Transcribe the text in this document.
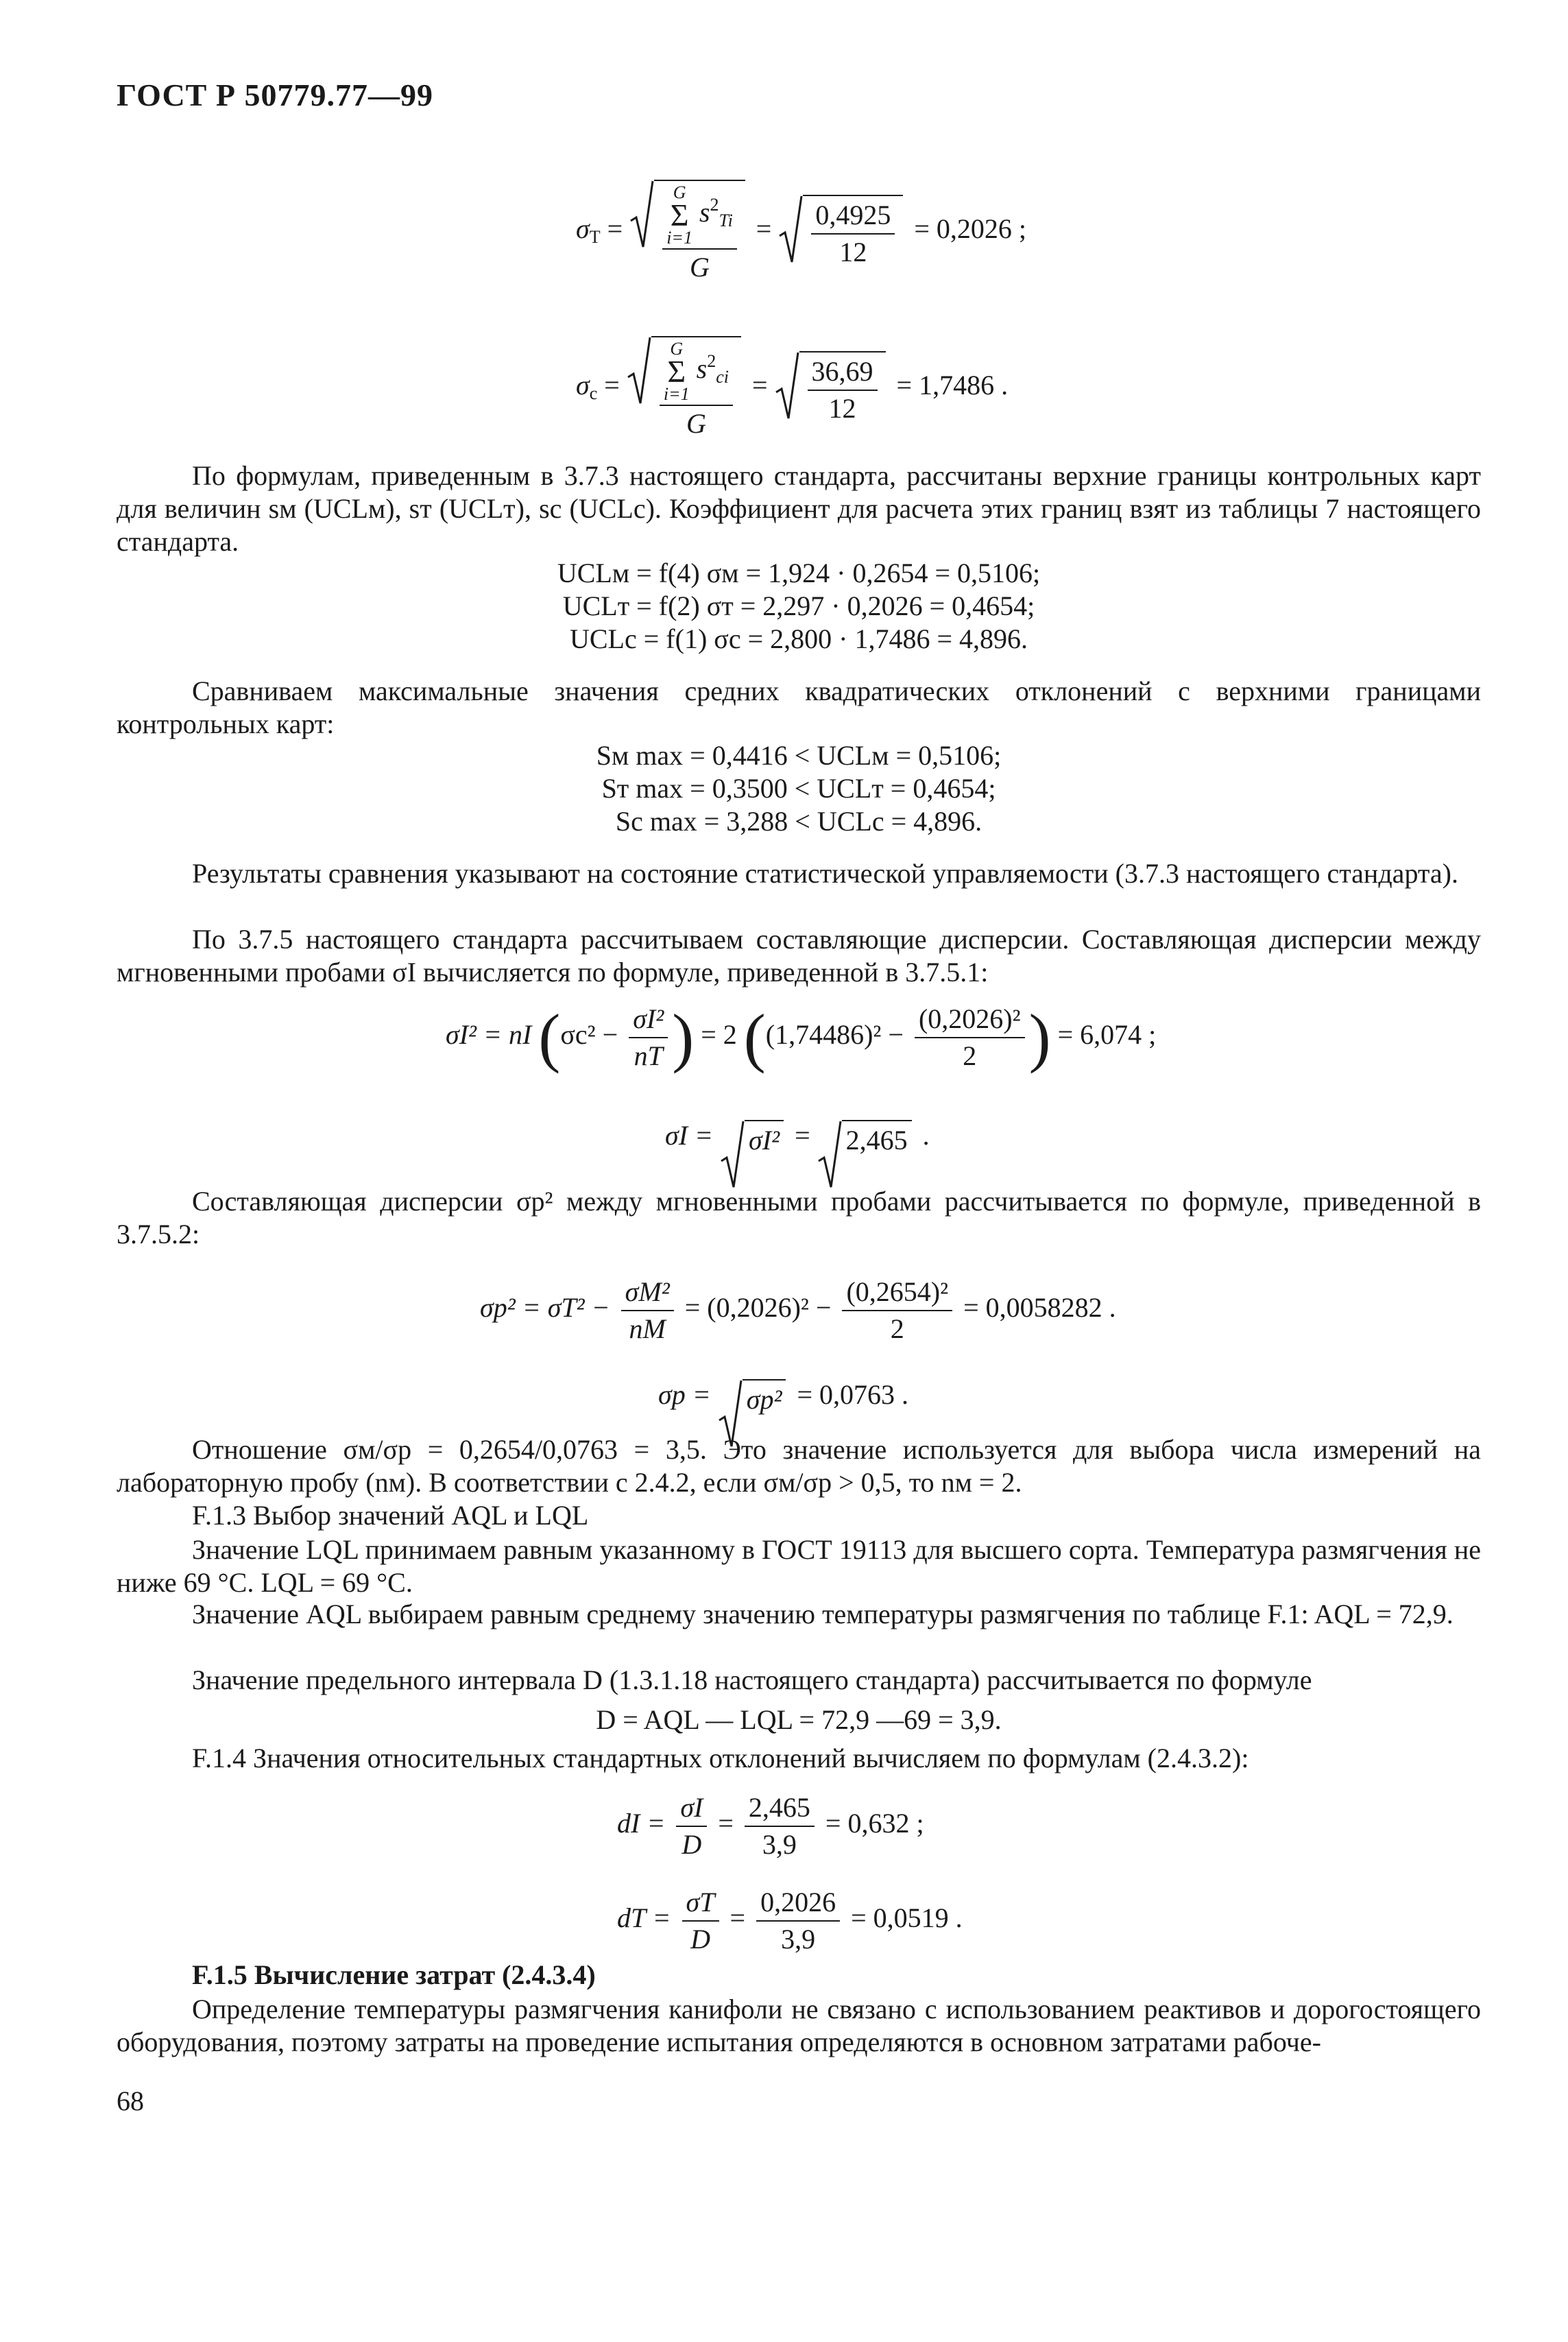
ГОСТ Р 50779.77—99
$\sigma_T$ =
G
Σ
i=1 $s^2_{Ti}$
G
= $\frac{0,4925}{12} = 0,2026$ ;
$\sigma_c$ =
G
Σ
i=1 $s^2_{ci}$
G
= $\frac{36,69}{12} = 1,7486$ .
По формулам, приведенным в 3.7.3 настоящего стандарта, рассчитаны верхние границы контрольных карт для величин sм (UCLм), sт (UCLт), sс (UCLс). Коэффициент для расчета этих границ взят из таблицы 7 настоящего стандарта.
UCLм = f(4) σм = 1,924 · 0,2654 = 0,5106;
UCLт = f(2) σт = 2,297 · 0,2026 = 0,4654;
UCLс = f(1) σс = 2,800 · 1,7486 = 4,896.
Сравниваем максимальные значения средних квадратических отклонений с верхними границами контрольных карт:
Sм max = 0,4416 < UCLм = 0,5106;
Sт max = 0,3500 < UCLт = 0,4654;
Sс max = 3,288 < UCLс = 4,896.
Результаты сравнения указывают на состояние статистической управляемости (3.7.3 настоящего стандарта).
По 3.7.5 настоящего стандарта рассчитываем составляющие дисперсии. Составляющая дисперсии между мгновенными пробами σI вычисляется по формуле, приведенной в 3.7.5.1:
σI² = nI ($\sigma c^2 - \frac{\text{σI²}}{nT}$ ) = 2 ($(1,74486)^2 - \frac{\text{(0,2026)²}}{2}$ ) = 6,074 ;
σI = σI² = 2,465 .
Составляющая дисперсии σp² между мгновенными пробами рассчитывается по формуле, приведенной в 3.7.5.2:
$\sigma p^2 = \sigma T^2 - \frac{\text{σM²}}{nM} = (0,2026)^2 - \frac{\text{(0,2654)²}}{2} = 0,0058282$ .
σp = σp² = 0,0763 .
Отношение σм/σp = 0,2654/0,0763 = 3,5. Это значение используется для выбора числа измерений на лабораторную пробу (nм). В соответствии с 2.4.2, если σм/σp > 0,5, то nм = 2.
F.1.3 Выбор значений AQL и LQL
Значение LQL принимаем равным указанному в ГОСТ 19113 для высшего сорта. Температура размягчения не ниже 69 °С. LQL = 69 °С.
Значение AQL выбираем равным среднему значению температуры размягчения по таблице F.1: AQL = 72,9.
Значение предельного интервала D (1.3.1.18 настоящего стандарта) рассчитывается по формуле
D = AQL — LQL = 72,9 —69 = 3,9.
F.1.4 Значения относительных стандартных отклонений вычисляем по формулам (2.4.3.2):
dI = $\frac{\sigma I}{D} = \frac{2,465}{3,9} = 0,632$ ;
dT = $\frac{\sigma T}{D} = \frac{0,2026}{3,9} = 0,0519$ .
F.1.5 Вычисление затрат (2.4.3.4)
Определение температуры размягчения канифоли не связано с использованием реактивов и дорогостоящего оборудования, поэтому затраты на проведение испытания определяются в основном затратами рабоче-
68
